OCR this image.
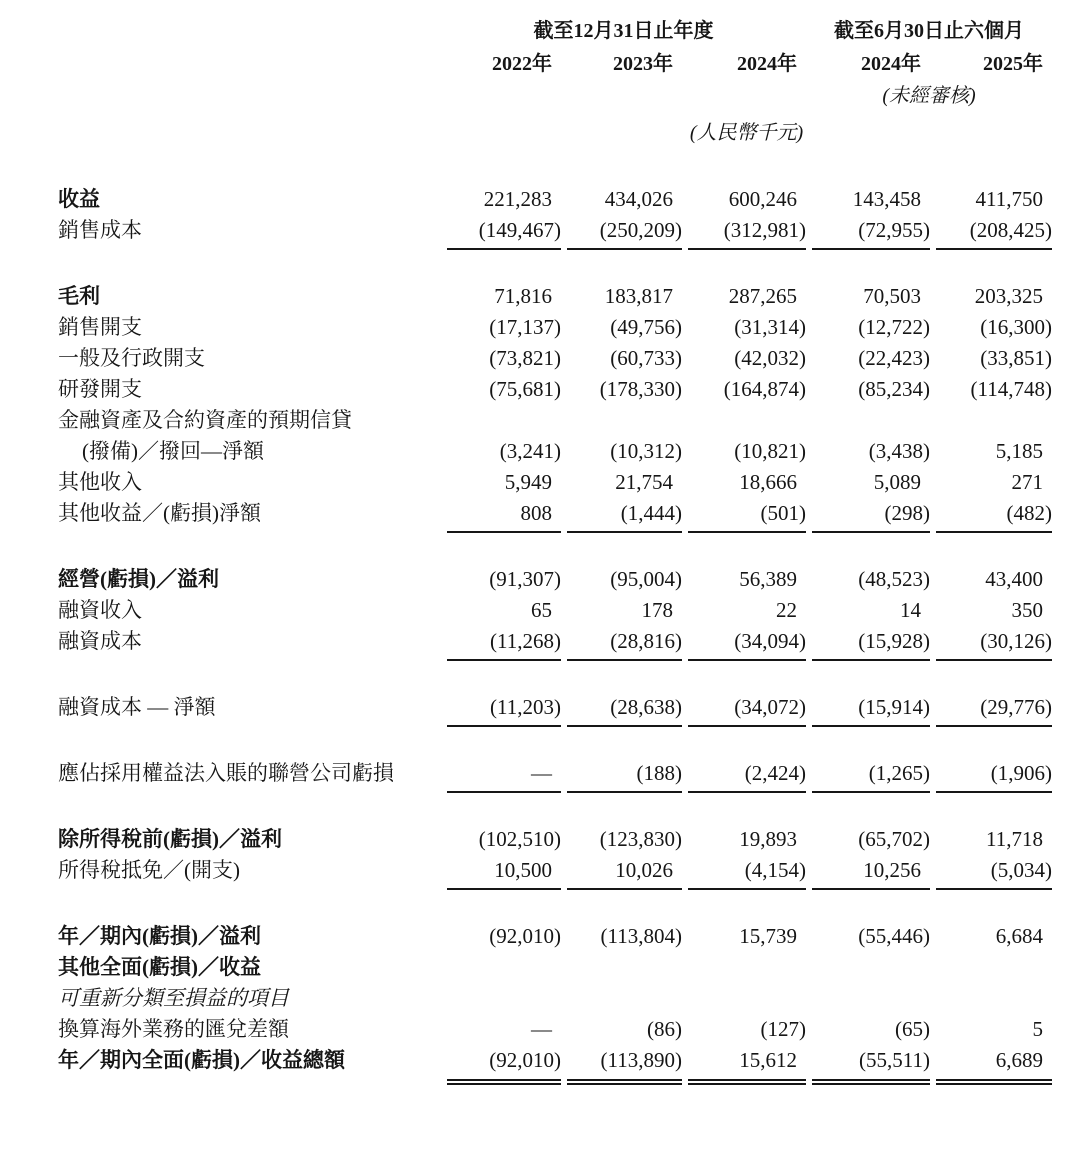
截至12月31日止年度	截至6月30日止六個月
2022年	2023年	2024年	2024年	2025年
(未經審核)
(人民幣千元)
收益	221,283	434,026	600,246	143,458	411,750
銷售成本	(149,467)	(250,209)	(312,981)	(72,955)	(208,425)
毛利	71,816	183,817	287,265	70,503	203,325
銷售開支	(17,137)	(49,756)	(31,314)	(12,722)	(16,300)
一般及行政開支	(73,821)	(60,733)	(42,032)	(22,423)	(33,851)
研發開支	(75,681)	(178,330)	(164,874)	(85,234)	(114,748)
金融資產及合約資產的預期信貸
(撥備)／撥回—淨額	(3,241)	(10,312)	(10,821)	(3,438)	5,185
其他收入	5,949	21,754	18,666	5,089	271
其他收益／(虧損)淨額	808	(1,444)	(501)	(298)	(482)
經營(虧損)／溢利	(91,307)	(95,004)	56,389	(48,523)	43,400
融資收入	65	178	22	14	350
融資成本	(11,268)	(28,816)	(34,094)	(15,928)	(30,126)
融資成本 — 淨額	(11,203)	(28,638)	(34,072)	(15,914)	(29,776)
應佔採用權益法入賬的聯營公司虧損	—	(188)	(2,424)	(1,265)	(1,906)
除所得稅前(虧損)／溢利	(102,510)	(123,830)	19,893	(65,702)	11,718
所得稅抵免／(開支)	10,500	10,026	(4,154)	10,256	(5,034)
年／期內(虧損)／溢利	(92,010)	(113,804)	15,739	(55,446)	6,684
其他全面(虧損)／收益
可重新分類至損益的項目
換算海外業務的匯兌差額	—	(86)	(127)	(65)	5
年／期內全面(虧損)／收益總額	(92,010)	(113,890)	15,612	(55,511)	6,689
